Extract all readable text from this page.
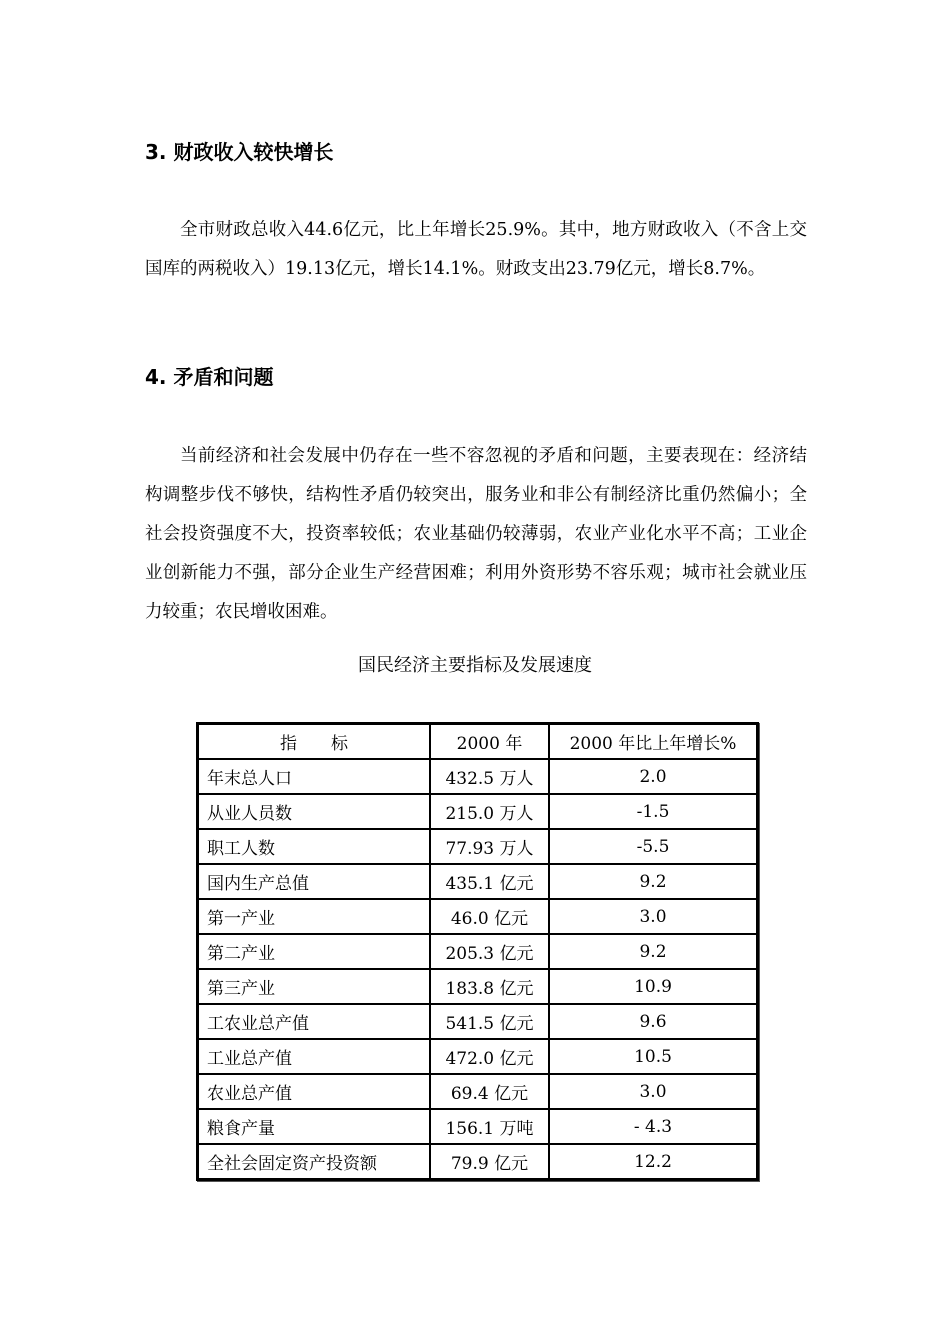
3. 财政收入较快增长

全市财政总收入44.6亿元，比上年增长25.9%。其中，地方财政收入（不含上交国库的两税收入）19.13亿元，增长14.1%。财政支出23.79亿元，增长8.7%。

4. 矛盾和问题

当前经济和社会发展中仍存在一些不容忽视的矛盾和问题，主要表现在：经济结构调整步伐不够快，结构性矛盾仍较突出，服务业和非公有制经济比重仍然偏小；全社会投资强度不大，投资率较低；农业基础仍较薄弱，农业产业化水平不高；工业企业创新能力不强，部分企业生产经营困难；利用外资形势不容乐观；城市社会就业压力较重；农民增收困难。

国民经济主要指标及发展速度

指　　标	2000 年	2000 年比上年增长%
年末总人口	432.5 万人	2.0
从业人员数	215.0 万人	-1.5
职工人数	77.93 万人	-5.5
国内生产总值	435.1 亿元	9.2
第一产业	46.0 亿元	3.0
第二产业	205.3 亿元	9.2
第三产业	183.8 亿元	10.9
工农业总产值	541.5 亿元	9.6
工业总产值	472.0 亿元	10.5
农业总产值	69.4 亿元	3.0
粮食产量	156.1 万吨	- 4.3
全社会固定资产投资额	79.9 亿元	12.2
